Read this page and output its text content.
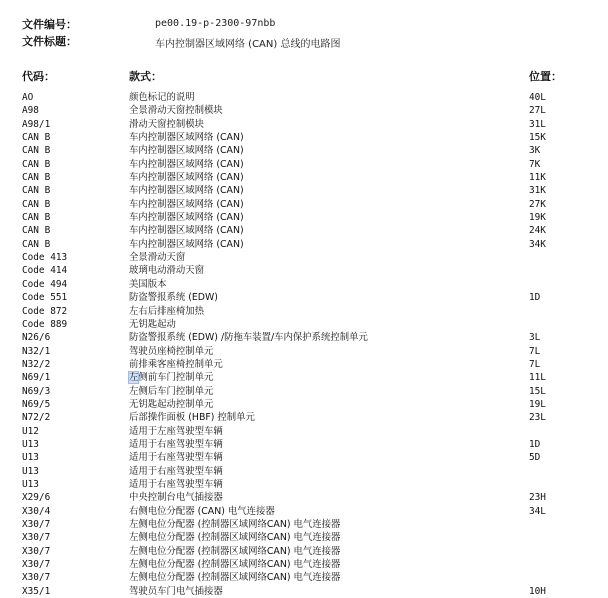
文件编号：	pe00.19-p-2300-97nbb
文件标题：	车内控制器区域网络 (CAN) 总线的电路图
代码：	款式：	位置：
AO	颜色标记的说明	40L
A98	全景滑动天窗控制模块	27L
A98/1	滑动天窗控制模块	31L
CAN B	车内控制器区域网络 (CAN)	15K
CAN B	车内控制器区域网络 (CAN)	3K
CAN B	车内控制器区域网络 (CAN)	7K
CAN B	车内控制器区域网络 (CAN)	11K
CAN B	车内控制器区域网络 (CAN)	31K
CAN B	车内控制器区域网络 (CAN)	27K
CAN B	车内控制器区域网络 (CAN)	19K
CAN B	车内控制器区域网络 (CAN)	24K
CAN B	车内控制器区域网络 (CAN)	34K
Code 413	全景滑动天窗
Code 414	玻璃电动滑动天窗
Code 494	美国版本
Code 551	防盗警报系统 (EDW)	1D
Code 872	左右后排座椅加热
Code 889	无钥匙起动
N26/6	防盗警报系统 (EDW) /防拖车装置/车内保护系统控制单元	3L
N32/1	驾驶员座椅控制单元	7L
N32/2	前排乘客座椅控制单元	7L
N69/1	左侧前车门控制单元	11L
N69/3	左侧后车门控制单元	15L
N69/5	无钥匙起动控制单元	19L
N72/2	后部操作面板 (HBF) 控制单元	23L
U12	适用于左座驾驶型车辆
U13	适用于右座驾驶型车辆	1D
U13	适用于右座驾驶型车辆	5D
U13	适用于右座驾驶型车辆
U13	适用于右座驾驶型车辆
X29/6	中央控制台电气插接器	23H
X30/4	右侧电位分配器 (CAN) 电气连接器	34L
X30/7	左侧电位分配器 (控制器区域网络CAN) 电气连接器
X30/7	左侧电位分配器 (控制器区域网络CAN) 电气连接器
X30/7	左侧电位分配器 (控制器区域网络CAN) 电气连接器
X30/7	左侧电位分配器 (控制器区域网络CAN) 电气连接器
X30/7	左侧电位分配器 (控制器区域网络CAN) 电气连接器
X35/1	驾驶员车门电气插接器	10H
